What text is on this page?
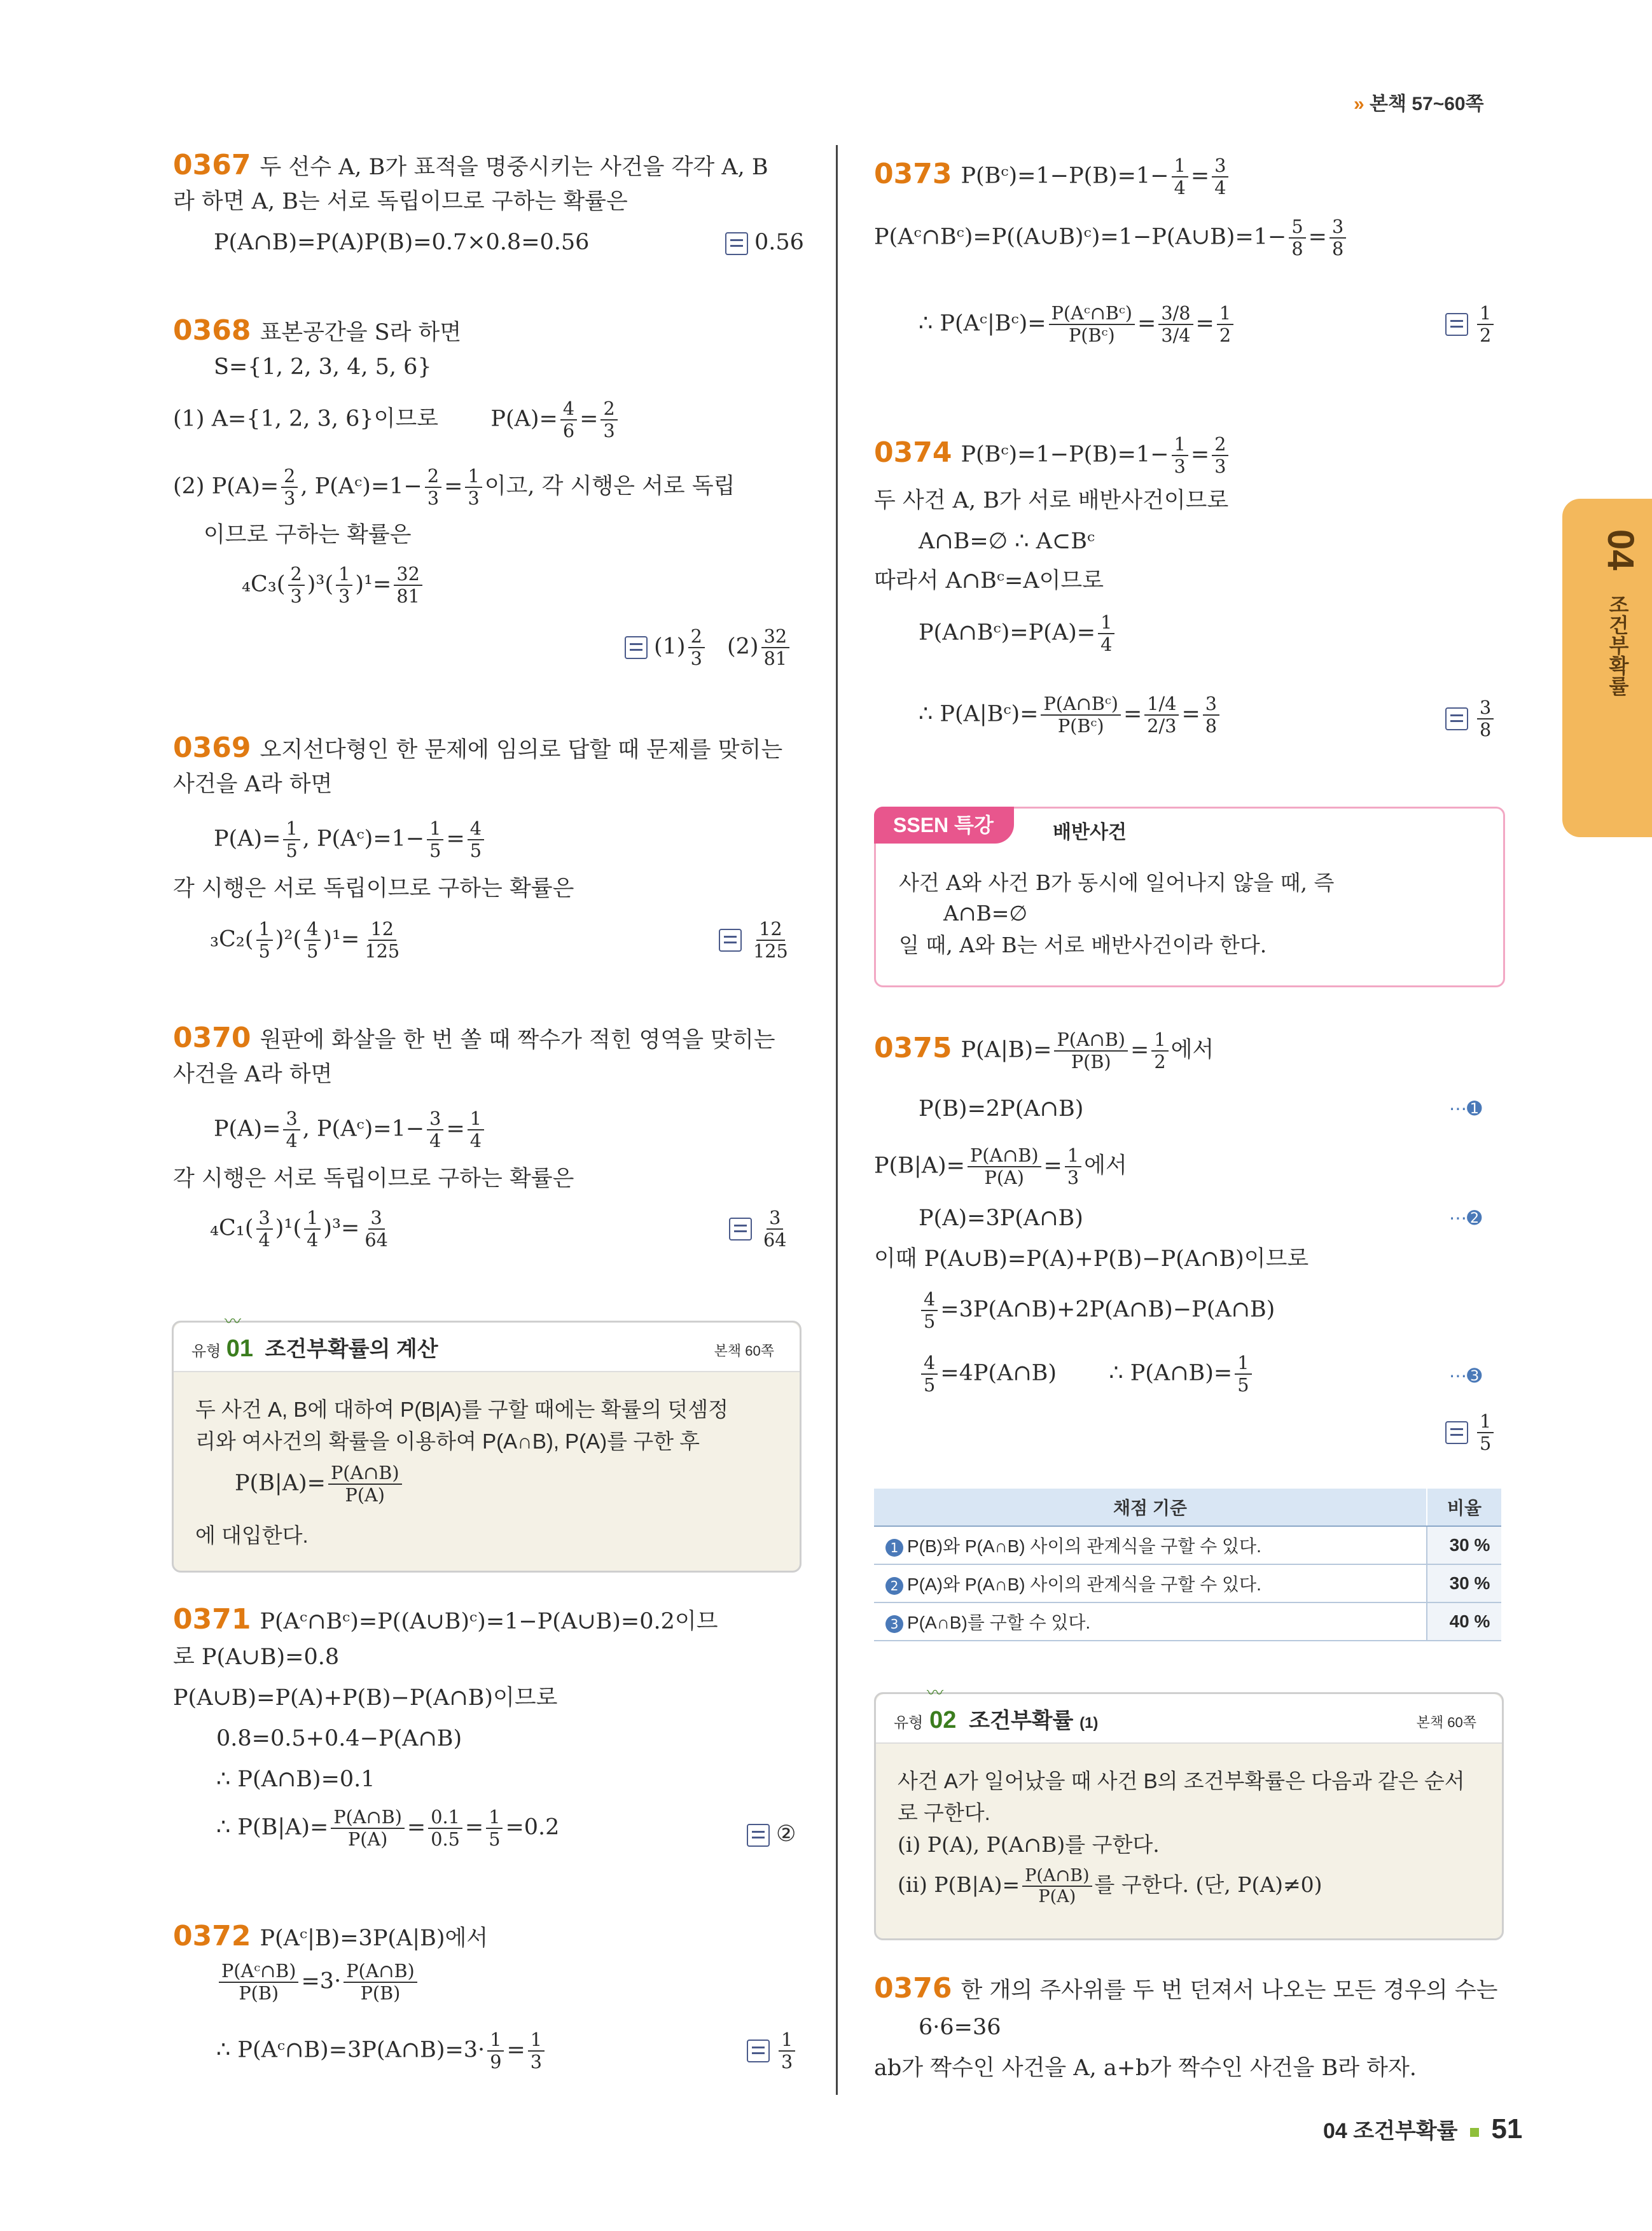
» 본책 57~60쪽
04
조건부확률
0367 두 선수 A, B가 표적을 명중시키는 사건을 각각 A, B
라 하면 A, B는 서로 독립이므로 구하는 확률은
P(A∩B)=P(A)P(B)=0.7×0.8=0.56	0.56
0368 표본공간을 S라 하면
S={1, 2, 3, 4, 5, 6}
(1) A={1, 2, 3, 6}이므로 $P(A)= \frac{4}{6} = \frac{2}{3}$
(2) $P(A)= \frac{2}{3}$ , P(Aᶜ)=1− $\frac{2}{3} = \frac{1}{3}$ 이고, 각 시행은 서로 독립
이므로 구하는 확률은
$_4C_3( \frac{2}{3} )^3( \frac{1}{3} )^1= \frac{32}{81}$
$(1) \frac{2}{3} (2) \frac{32}{81}$
0369 오지선다형인 한 문제에 임의로 답할 때 문제를 맞히는
사건을 A라 하면
$P(A)= \frac{1}{5}$ , P(Aᶜ)=1− $\frac{1}{5} = \frac{4}{5}$
각 시행은 서로 독립이므로 구하는 확률은
$_3C_2( \frac{1}{5} )^2( \frac{4}{5} )^1= \frac{12}{125}$	$\frac{12}{125}$
0370 원판에 화살을 한 번 쏠 때 짝수가 적힌 영역을 맞히는
사건을 A라 하면
$P(A)= \frac{3}{4}$ , P(Aᶜ)=1− $\frac{3}{4} = \frac{1}{4}$
각 시행은 서로 독립이므로 구하는 확률은
$_4C_1( \frac{3}{4} )^1( \frac{1}{4} )^3= \frac{3}{64}$	$\frac{3}{64}$
〰
유형 01 조건부확률의 계산	본책 60쪽
두 사건 A, B에 대하여 P(B|A)를 구할 때에는 확률의 덧셈정
리와 여사건의 확률을 이용하여 P(A∩B), P(A)를 구한 후
$P(B|A)= \frac{P(A\cap B)}{P(A)}$
에 대입한다.
0371 P(Aᶜ∩Bᶜ)=P((A∪B)ᶜ)=1−P(A∪B)=0.2이므
로 P(A∪B)=0.8
P(A∪B)=P(A)+P(B)−P(A∩B)이므로
0.8=0.5+0.4−P(A∩B)
∴ P(A∩B)=0.1
∴ $P(B|A)= \frac{P(A\cap B)}{P(A)} = \frac{0.1}{0.5} = \frac{1}{5} =0.2$	②
0372 P(Aᶜ|B)=3P(A|B)에서
$\frac{\text{P(Aᶜ∩B)}}{P(B)} =3\cdot \frac{P(A\cap B)}{P(B)}$
∴ P(Aᶜ∩B)=3P(A∩B)=3· $\frac{1}{9} = \frac{1}{3}$	$\frac{1}{3}$
0373 P(Bᶜ)=1−P(B)=1− $\frac{1}{4} = \frac{3}{4}$
P(Aᶜ∩Bᶜ)=P((A∪B)ᶜ)=1−P(A∪B)=1− $\frac{5}{8} = \frac{3}{8}$
∴ P(Aᶜ|Bᶜ)= $\frac{\text{P(Aᶜ∩Bᶜ)}}{\text{P(Bᶜ)}} = \frac{3/8}{3/4} = \frac{1}{2}$	$\frac{1}{2}$
0374 P(Bᶜ)=1−P(B)=1− $\frac{1}{3} = \frac{2}{3}$
두 사건 A, B가 서로 배반사건이므로
A∩B=∅ ∴ A⊂Bᶜ
따라서 A∩Bᶜ=A이므로
P(A∩Bᶜ)=P(A)= $\frac{1}{4}$
∴ P(A|Bᶜ)= $\frac{\text{P(A∩Bᶜ)}}{\text{P(Bᶜ)}} = \frac{1/4}{2/3} = \frac{3}{8}$	$\frac{3}{8}$
SSEN 특강	배반사건
사건 A와 사건 B가 동시에 일어나지 않을 때, 즉
A∩B=∅
일 때, A와 B는 서로 배반사건이라 한다.
0375 $P(A|B)= \frac{P(A\cap B)}{P(B)} = \frac{1}{2}$ 에서
P(B)=2P(A∩B)	⋯➊
$P(B|A)= \frac{P(A\cap B)}{P(A)} = \frac{1}{3}$ 에서
P(A)=3P(A∩B)	⋯➋
이때 P(A∪B)=P(A)+P(B)−P(A∩B)이므로
$\frac{4}{5}$ =3P(A∩B)+2P(A∩B)−P(A∩B)
$\frac{4}{5}$ =4P(A∩B) ∴ P(A∩B)= $\frac{1}{5}$	⋯➌
$\frac{1}{5}$
채점 기준	비율
1 P(B)와 P(A∩B) 사이의 관계식을 구할 수 있다.	30 %
2 P(A)와 P(A∩B) 사이의 관계식을 구할 수 있다.	30 %
3 P(A∩B)를 구할 수 있다.	40 %
〰
유형 02 조건부확률 (1)	본책 60쪽
사건 A가 일어났을 때 사건 B의 조건부확률은 다음과 같은 순서
로 구한다.
(i) P(A), P(A∩B)를 구한다.
(ii) $P(B|A)= \frac{P(A\cap B)}{P(A)}$ 를 구한다. (단, P(A)≠0)
0376 한 개의 주사위를 두 번 던져서 나오는 모든 경우의 수는
6·6=36
ab가 짝수인 사건을 A, a+b가 짝수인 사건을 B라 하자.
04 조건부확률 51
